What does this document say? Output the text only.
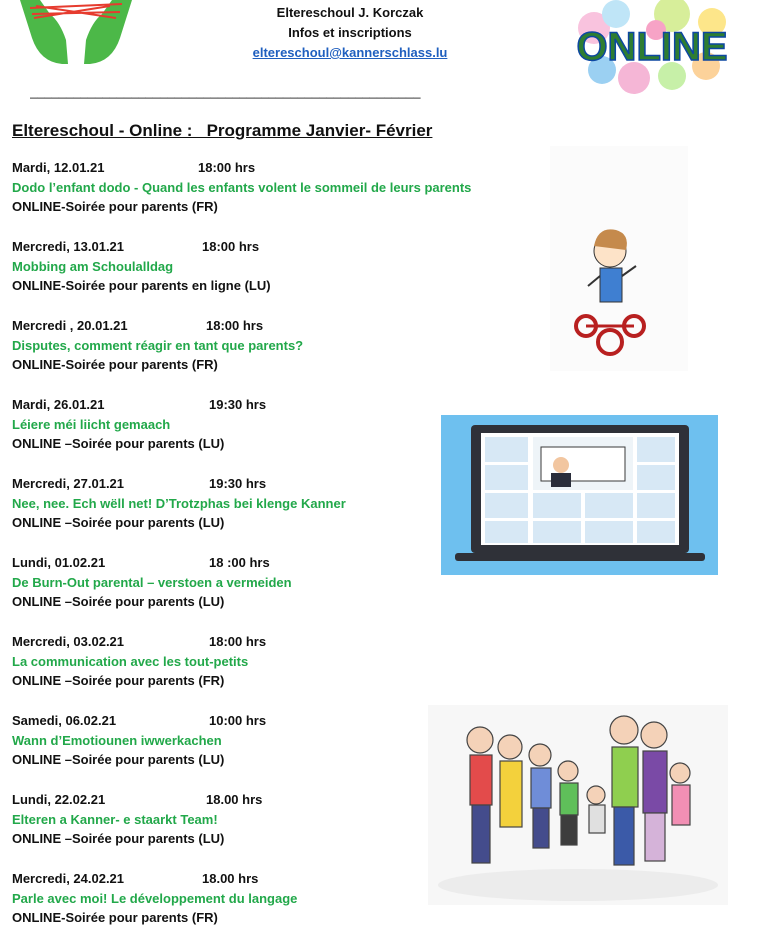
Eltereschoul J. Korczak
Infos et inscriptions
eltereschoul@kannerschlass.lu	ONLINE
______________________________________________________
Eltereschoul - Online :   Programme Janvier- Février
Mardi, 12.01.21	18:00 hrs
Dodo l’enfant dodo - Quand les enfants volent le sommeil de leurs parents
ONLINE-Soirée pour parents (FR)
Mercredi, 13.01.21	18:00 hrs
Mobbing am Schoulalldag
ONLINE-Soirée pour parents en ligne (LU)
Mercredi , 20.01.21	18:00 hrs
Disputes, comment réagir en tant que parents?
ONLINE-Soirée pour parents (FR)
Mardi, 26.01.21	19:30 hrs
Léiere méi liicht gemaach
ONLINE –Soirée pour parents (LU)
Mercredi, 27.01.21	19:30 hrs
Nee, nee. Ech wëll net! D’Trotzphas bei klenge Kanner
ONLINE –Soirée pour parents (LU)
Lundi, 01.02.21	18 :00 hrs
De Burn-Out parental – verstoen a vermeiden
ONLINE –Soirée pour parents (LU)
Mercredi, 03.02.21	18:00 hrs
La communication avec les tout-petits
ONLINE –Soirée pour parents (FR)
Samedi, 06.02.21	10:00 hrs
Wann d’Emotiounen iwwerkachen
ONLINE –Soirée pour parents (LU)
Lundi, 22.02.21	18.00 hrs
Elteren a Kanner- e staarkt Team!
ONLINE –Soirée pour parents (LU)
Mercredi, 24.02.21	18.00 hrs
Parle avec moi! Le développement du langage
ONLINE-Soirée pour parents (FR)
